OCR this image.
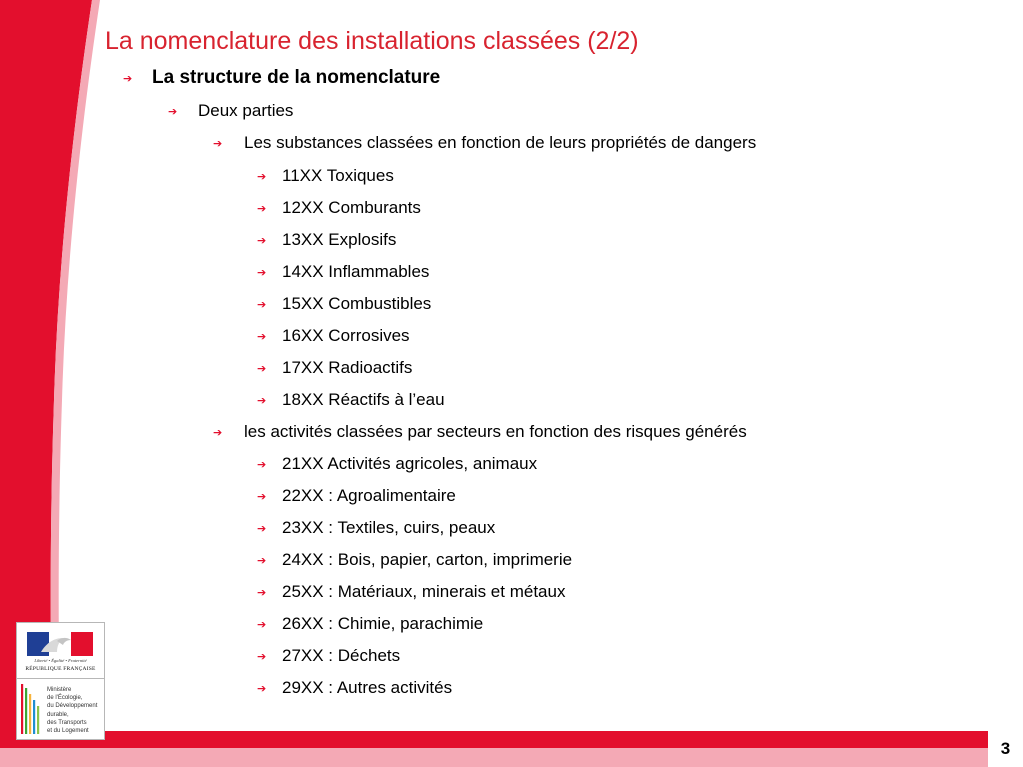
3
Liberté • Égalité • Fraternité
RÉPUBLIQUE FRANÇAISE
Ministère
de l'Écologie,
du Développement
durable,
des Transports
et du Logement
La nomenclature des installations classées (2/2)
➔	La structure de la nomenclature
➔	Deux parties
➔	Les substances classées en fonction de leurs propriétés de dangers
➔ 11XX Toxiques
➔ 12XX Comburants
➔ 13XX Explosifs
➔ 14XX Inflammables
➔ 15XX Combustibles
➔ 16XX Corrosives
➔ 17XX Radioactifs
➔ 18XX Réactifs à l’eau
➔	les activités classées par secteurs en fonction des risques générés
➔ 21XX Activités agricoles, animaux
➔ 22XX : Agroalimentaire
➔ 23XX : Textiles, cuirs, peaux
➔ 24XX : Bois, papier, carton, imprimerie
➔ 25XX : Matériaux, minerais et métaux
➔ 26XX : Chimie, parachimie
➔ 27XX : Déchets
➔ 29XX : Autres activités
